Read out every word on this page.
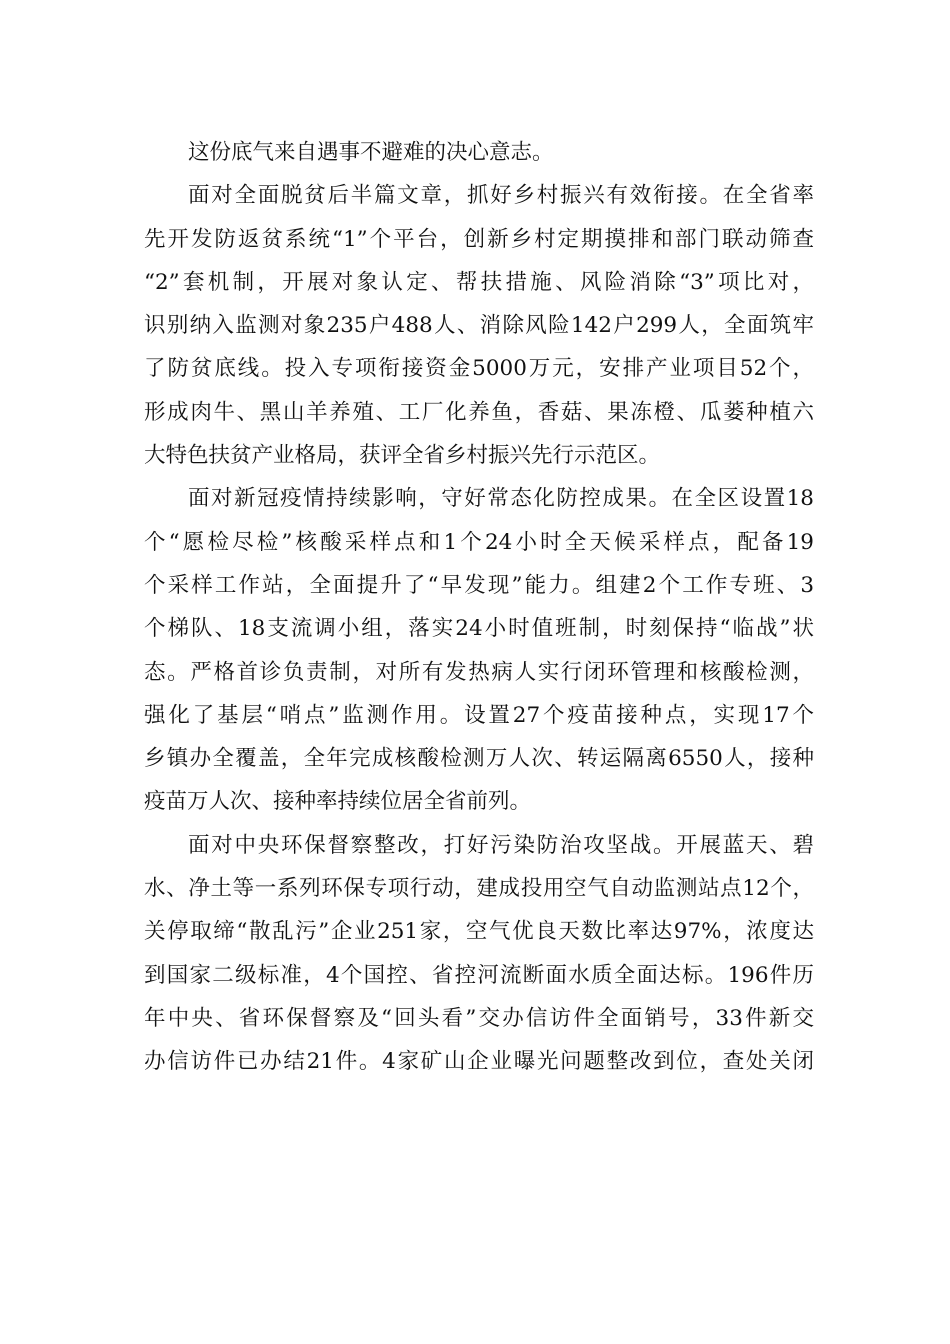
这份底气来自遇事不避难的决心意志。
面对全面脱贫后半篇文章，抓好乡村振兴有效衔接。在全省率
先开发防返贫系统“1”个平台，创新乡村定期摸排和部门联动筛查
“2”套机制，开展对象认定、帮扶措施、风险消除“3”项比对，
识别纳入监测对象235户488人、消除风险142户299人，全面筑牢
了防贫底线。投入专项衔接资金5000万元，安排产业项目52个，
形成肉牛、黑山羊养殖、工厂化养鱼，香菇、果冻橙、瓜蒌种植六
大特色扶贫产业格局，获评全省乡村振兴先行示范区。
面对新冠疫情持续影响，守好常态化防控成果。在全区设置18
个“愿检尽检”核酸采样点和1个24小时全天候采样点，配备19
个采样工作站，全面提升了“早发现”能力。组建2个工作专班、3
个梯队、18支流调小组，落实24小时值班制，时刻保持“临战”状
态。严格首诊负责制，对所有发热病人实行闭环管理和核酸检测，
强化了基层“哨点”监测作用。设置27个疫苗接种点，实现17个
乡镇办全覆盖，全年完成核酸检测万人次、转运隔离6550人，接种
疫苗万人次、接种率持续位居全省前列。
面对中央环保督察整改，打好污染防治攻坚战。开展蓝天、碧
水、净土等一系列环保专项行动，建成投用空气自动监测站点12个，
关停取缔“散乱污”企业251家，空气优良天数比率达97%，浓度达
到国家二级标准，4个国控、省控河流断面水质全面达标。196件历
年中央、省环保督察及“回头看”交办信访件全面销号，33件新交
办信访件已办结21件。4家矿山企业曝光问题整改到位，查处关闭
